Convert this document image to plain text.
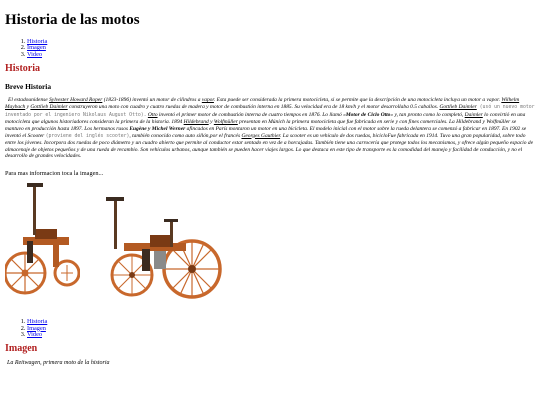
Historia de las motos
1. Historia
2. Imagen
3. Video
Historia
Breve Historia

El estadounidense Sylvester Howard Roper (1823-1896) inventó un motor de cilindros a vapor. Esta puede ser considerada la primera motocicleta, si se permite que la descripción de una motocicleta incluya un motor a vapor. Wilhelm Maybach y Gottlieb Daimler construyeron una moto con cuadro y cuatro ruedas de madera y motor de combustión interna en 1885. Su velocidad era de 18 km/h y el motor desarrollaba 0.5 caballos. Gottlieb Daimler (usó un nuevo motor inventado por el ingeniero Nikolaus August Otto). Otto inventó el primer motor de combustión interna de cuatro tiempos en 1876. Lo llamó «Motor de Ciclo Otto» y, tan pronto como lo completó, Daimler lo convirtió en una motocicleta que algunos historiadores consideran la primera de la historia. 1894 Hildebrand y Wolfmüller presentan en Múnich la primera motocicleta que fue fabricada en serie y con fines comerciales. La Hildebrand y Wolfmüller se mantuvo en producción hasta 1897. Los hermanos rusos Eugène y Michel Werner afincados en París montaron un motor en una bicicleta. El modelo inicial con el motor sobre la rueda delantera se comenzó a fabricar en 1897. En 1902 se inventó el Scooter (proviene del inglés scooter), también conocido como auto sillón,por el francés Georges Gauthier. La scooter es un vehículo de dos ruedas, bicicloFue fabricada en 1914. Tuvo una gran popularidad, sobre todo entre los jóvenes. Incorpora dos ruedas de poco diámetro y un cuadro abierto que permite al conductor estar sentado en vez de a horcajadas. También tiene una carrocería que protege todos los mecanismos, y ofrece algún pequeño espacio de almacenaje de objetos pequeños y de una rueda de recambio. Son vehículos urbanos, aunque también se pueden hacer viajes largos. Lo que destaca en este tipo de transporte es la comodidad del manejo y facilidad de conducción, y no el desarrollo de grandes velocidades.

Para mas informacion toca la imagen...

1. Historia
2. Imagen
3. Video
Imagen

La Reitwagen, primera moto de la historia
